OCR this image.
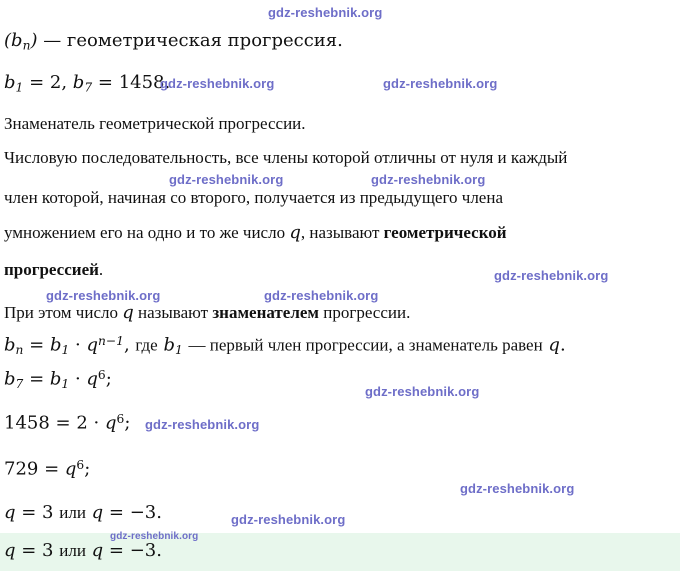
$(b_n)$ — геометрическая прогрессия.
$b_1 = 2$, $b_7 = 1458$.
Знаменатель геометрической прогрессии.
Числовую последовательность, все члены которой отличны от нуля и каждый
член которой, начиная со второго, получается из предыдущего члена
умножением его на одно и то же число q, называют геометрической
прогрессией.
При этом число q называют знаменателем прогрессии.
$b_n = b_1 \cdot q^{n-1}$, где $b_1$ — первый член прогрессии, а знаменатель равен q.
$b_7 = b_1 \cdot q^6$;
$1458 = 2 \cdot q^6$;
$729 = q^6$;
q = 3 или q = −3.
q = 3 или q = −3.
gdz-reshebnik.org
gdz-reshebnik.org	gdz-reshebnik.org
gdz-reshebnik.org	gdz-reshebnik.org
gdz-reshebnik.org
gdz-reshebnik.org	gdz-reshebnik.org
gdz-reshebnik.org
gdz-reshebnik.org
gdz-reshebnik.org
gdz-reshebnik.org
gdz-reshebnik.org
